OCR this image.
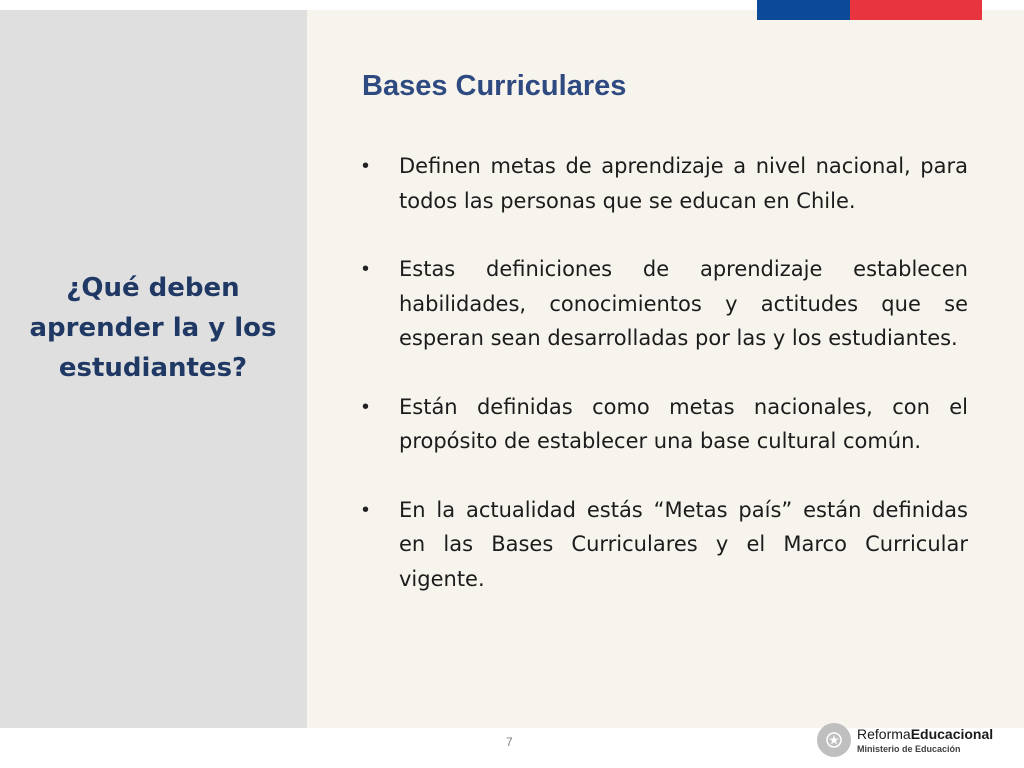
¿Qué deben aprender la y los estudiantes?
Bases Curriculares
• Definen metas de aprendizaje a nivel nacional, para todos las personas que se educan en Chile.
• Estas definiciones de aprendizaje establecen habilidades, conocimientos y actitudes que se esperan sean desarrolladas por las y los estudiantes.
• Están definidas como metas nacionales, con el propósito de establecer una base cultural común.
• En la actualidad estás “Metas país” están definidas en las Bases Curriculares y el Marco Curricular vigente.
7	ReformaEducacional
Ministerio de Educación
